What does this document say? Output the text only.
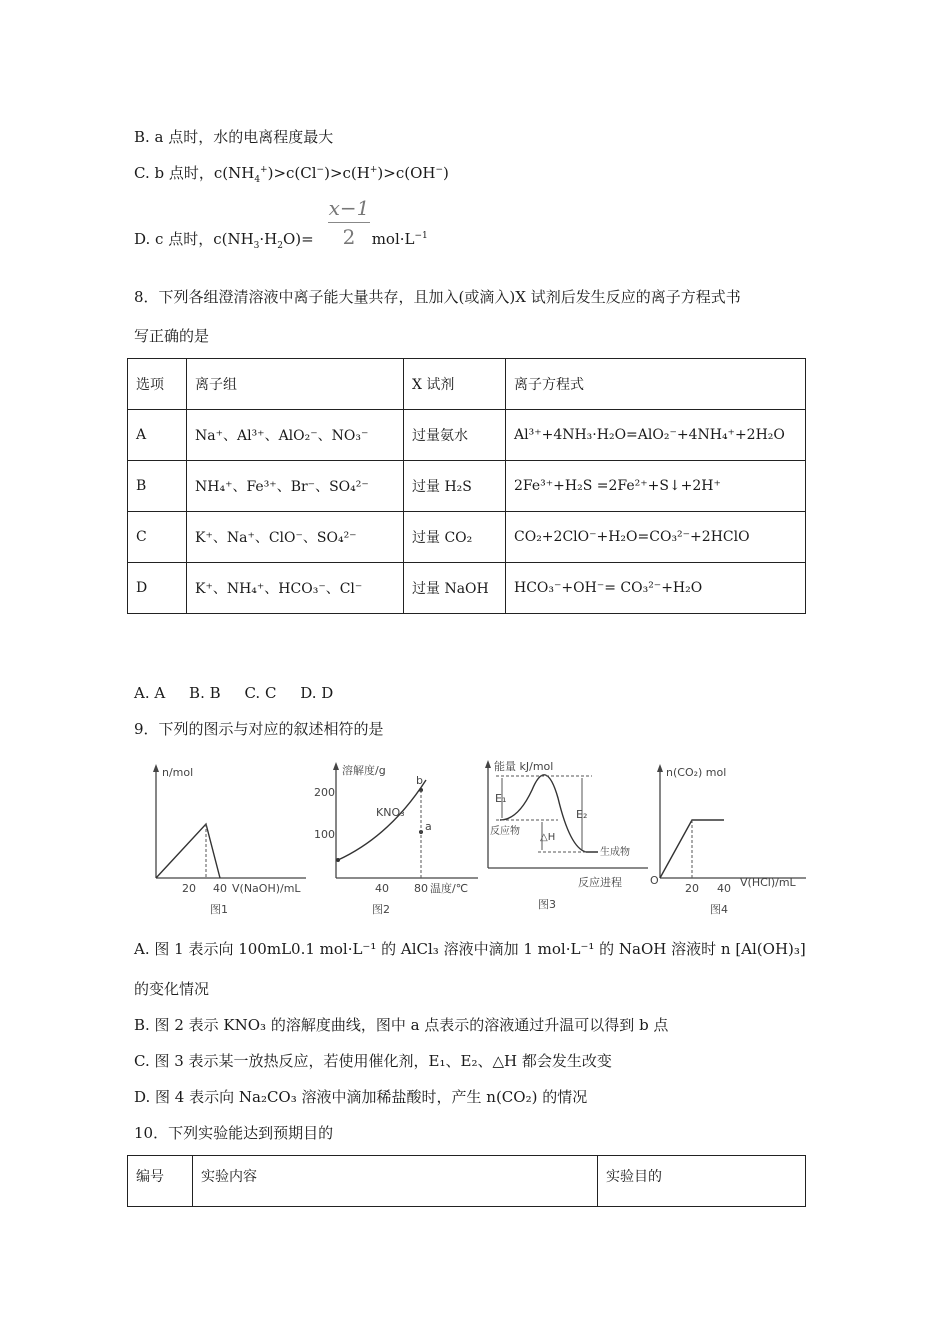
B. a 点时，水的电离程度最大
C. b 点时，$c(NH_4^+)>c(Cl^-)>c(H^+)>c(OH^-)$
$\frac{x-1}{2}$
D. c 点时，$c(NH_3\cdot H_2O)=$	$mol\cdot L^{-1}$
8．下列各组澄清溶液中离子能大量共存，且加入(或滴入)X 试剂后发生反应的离子方程式书
写正确的是
选项	离子组	X 试剂	离子方程式
A	Na⁺、Al³⁺、AlO₂⁻、NO₃⁻	过量氨水	Al³⁺+4NH₃·H₂O=AlO₂⁻+4NH₄⁺+2H₂O
B	NH₄⁺、Fe³⁺、Br⁻、SO₄²⁻	过量 H₂S	2Fe³⁺+H₂S =2Fe²⁺+S↓+2H⁺
C	K⁺、Na⁺、ClO⁻、SO₄²⁻	过量 CO₂	CO₂+2ClO⁻+H₂O=CO₃²⁻+2HClO
D	K⁺、NH₄⁺、HCO₃⁻、Cl⁻	过量 NaOH	HCO₃⁻+OH⁻= CO₃²⁻+H₂O
A. A     B. B     C. C     D. D
9．下列的图示与对应的叙述相符的是
n/mol
20 40 V(NaOH)/mL
图1
溶解度/g
200
100
KNO₃
b
a
40 80 温度/℃
图2
能量 kJ/mol
E₁
E₂
△H
反应物
生成物
反应进程
图3
n(CO₂) mol
O
20 40 V(HCl)/mL
图4
A. 图 1 表示向 100mL0.1 mol·L⁻¹ 的 AlCl₃ 溶液中滴加 1 mol·L⁻¹ 的 NaOH 溶液时 n [Al(OH)₃]
的变化情况
B. 图 2 表示 KNO₃ 的溶解度曲线，图中 a 点表示的溶液通过升温可以得到 b 点
C. 图 3 表示某一放热反应，若使用催化剂，E₁、E₂、△H 都会发生改变
D. 图 4 表示向 Na₂CO₃ 溶液中滴加稀盐酸时，产生 n(CO₂) 的情况
10．下列实验能达到预期目的
编号	实验内容	实验目的
